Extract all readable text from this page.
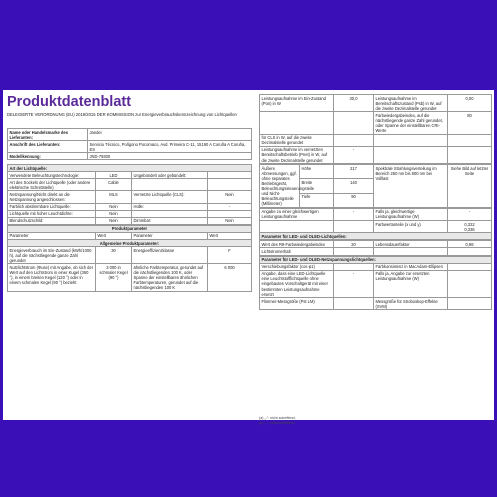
Produktdatenblatt
DELEGIERTE VERORDNUNG (EU) 2019/2015 DER KOMMISSION zur Energieverbrauchskennzeichnung von Lichtquellen
Name oder Handelsmarke des Lieferanten:	Jandei
Anschrift des Lieferanten:	Servicio Técnico, Polígono Pocomaco, Avd. Primeira C-11, 15190 A Coruña A Coruña, ES
Modellkennung:	JND-79300
Art der Lichtquelle:			
Verwendete Beleuchtungstechnologie:	LED	Ungebündelt oder gebündelt:	
Art des Sockels der Lichtquelle (oder andere elektrische Schnittstelle)	Cable		
Netzspannung/Nicht direkt an die Netzspannung angeschlossen:	MLS	Vernetzte Lichtquelle (CLS):	Nein
Farblich abstimmbare Lichtquelle:	Nein	Hülle:	-
Lichtquelle mit hoher Leuchtdichte:	Nein		
Blendschutzschild:	Nein	Dimmbar:	Nein
Produktparameter			
Parameter	Wert	Parameter	Wert
Allgemeine Produktparameter:			
Energieverbrauch im Ein-Zustand (kWh/1000 h), auf die nächstliegende ganze Zahl gerundet	30	Energieeffizienzklasse	F
Nutzlichtstrom (Φuse) mit Angabe, ob sich der Wert auf den Lichtstrom in einer Kugel (360 °), in einem breiten Kegel (120 °) oder in einem schmalen Kegel (90 °) bezieht	3 000 in schmaler Kegel (90 °)	ähnliche Farbtemperatur, gerundet auf die nächstliegenden 100 K, oder Spanne der einstellbaren ähnlichen Farbtemperaturen, gerundet auf die nächstliegenden 100 K	6 000
Leistungsaufnahme im Ein-Zustand (Pon) in W	30,0	Leistungsaufnahme im Bereitschaftszustand (Psb) in W, auf die zweite Dezimalstelle gerundet	0,00
		Farbwiedergabeindex, auf die nächstliegende ganze Zahl gerundet, oder Spanne der einstellbaren CRI-Werte	80
für CLS in W, auf die zweite Dezimalstelle gerundet			
Leistungsaufnahme im vernetzten Bereitschaftsbetrieb (Pnet) in W, auf die zweite Dezimalstelle gerundet	-		
Äußere Abmessungen, ggf. ohne separates Betriebsgerät, Beleuchtungssteuerungsteile und Nicht-Beleuchtungsteile (Millimeter)	Höhe	217	Spektrale Strahlungsverteilung im Bereich 250 nm bis 800 nm bei Volllast	Siehe Bild auf letzter Seite
	Breite	140		
	Tiefe	90		
Angabe zu einer gleichwertigen Leistungsaufnahme	-	Falls ja, gleichwertige Leistungsaufnahme (W)	-
		Farbwertanteile (x und y)	0,322
0,336
Parameter für LED- und OLED-Lichtquellen:			
Wert des R9-Farbwiedergabeindex	20	Lebensdauerfaktor	0,98
Lichtstromerhalt			
Parameter für LED- und OLED-Netzspannungslichtquellen:			
Verschiebungsfaktor (cos φ1)		Farbkonsistenz in MacAdam-Ellipsen	
Angabe, dass eine LED-Lichtquelle eine Leuchtstofflichtquelle ohne eingebautes Vorschaltgerät mit einer bestimmten Leistungsaufnahme ersetzt	-	Falls ja, Angabe zur ersetzten Leistungsaufnahme (W)	
Flimmer-Messgröße (Pst LM)		Messgröße für Stroboskop-Effekte (SVM)	
(a) „-“: nicht zutreffend;
(b) „-“: nicht zutreffend.
